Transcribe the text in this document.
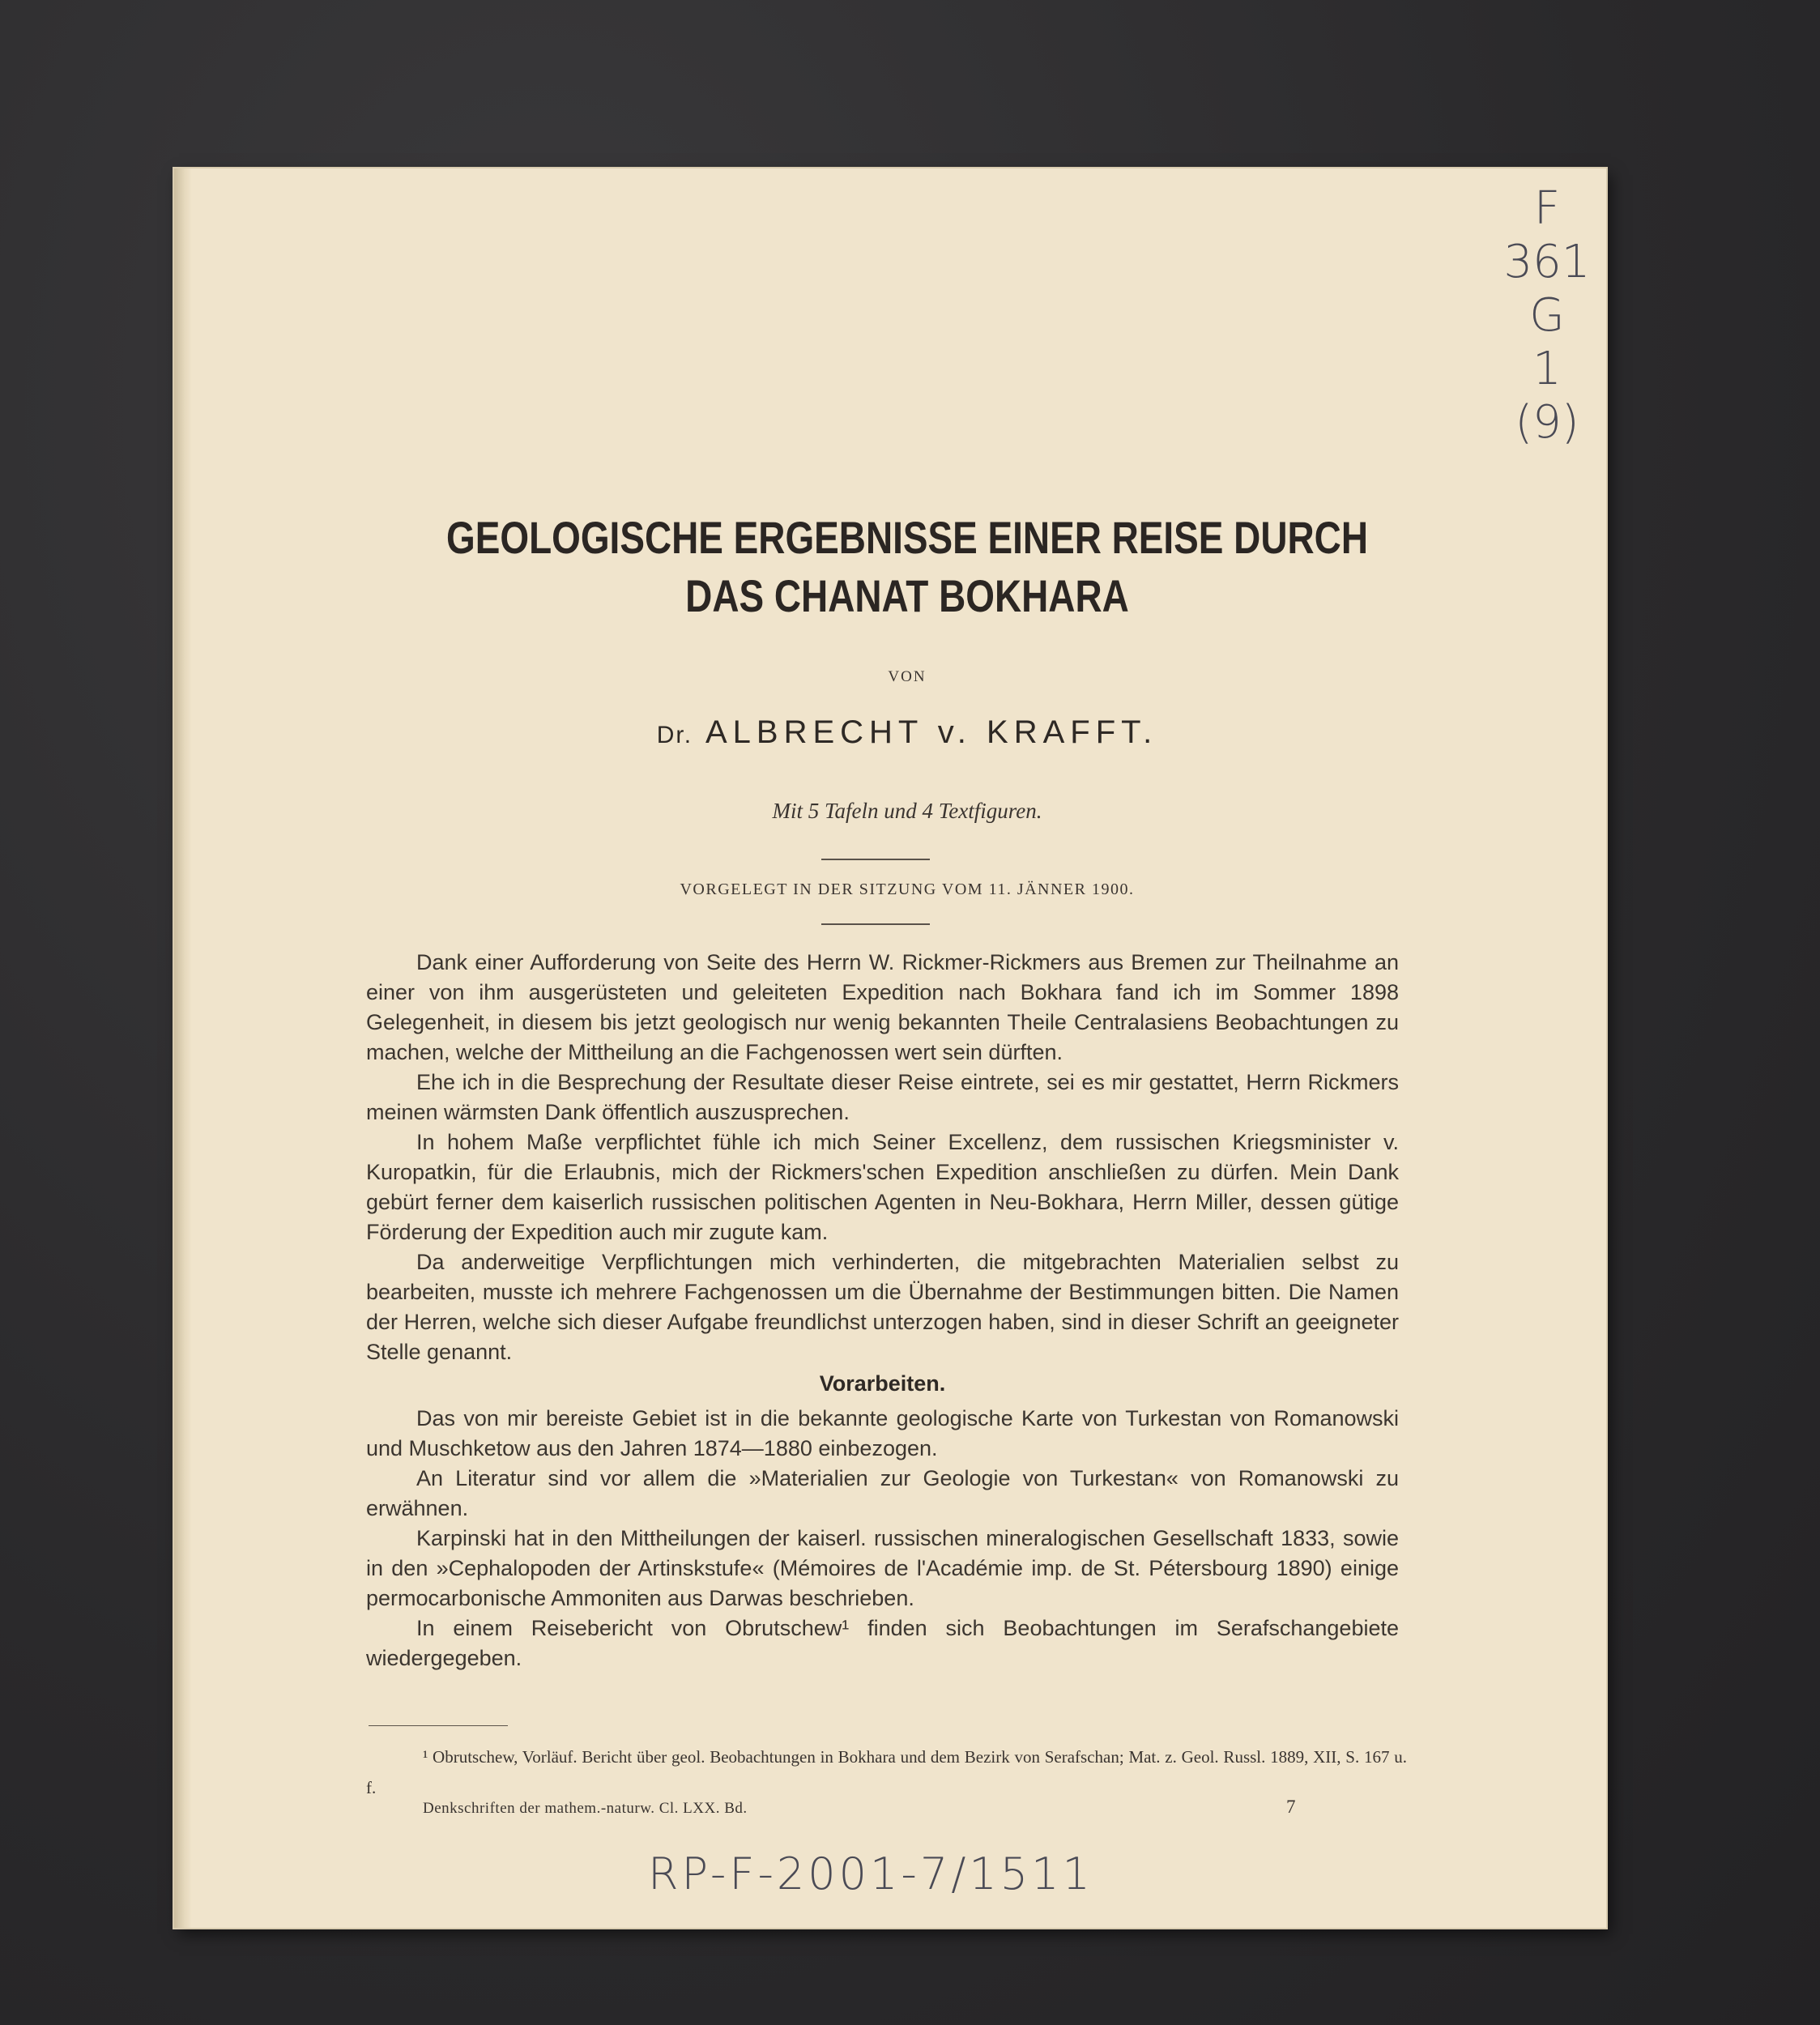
F
361
G
1
(9)
GEOLOGISCHE ERGEBNISSE EINER REISE DURCH DAS CHANAT BOKHARA
VON
Dr. ALBRECHT v. KRAFFT.
Mit 5 Tafeln und 4 Textfiguren.
VORGELEGT IN DER SITZUNG VOM 11. JÄNNER 1900.

Dank einer Aufforderung von Seite des Herrn W. Rickmer-Rickmers aus Bremen zur Theilnahme an einer von ihm ausgerüsteten und geleiteten Expedition nach Bokhara fand ich im Sommer 1898 Gelegenheit, in diesem bis jetzt geologisch nur wenig bekannten Theile Centralasiens Beobachtungen zu machen, welche der Mittheilung an die Fachgenossen wert sein dürften.

Ehe ich in die Besprechung der Resultate dieser Reise eintrete, sei es mir gestattet, Herrn Rickmers meinen wärmsten Dank öffentlich auszusprechen.

In hohem Maße verpflichtet fühle ich mich Seiner Excellenz, dem russischen Kriegsminister v. Kuropatkin, für die Erlaubnis, mich der Rickmers'schen Expedition anschließen zu dürfen. Mein Dank gebürt ferner dem kaiserlich russischen politischen Agenten in Neu-Bokhara, Herrn Miller, dessen gütige Förderung der Expedition auch mir zugute kam.

Da anderweitige Verpflichtungen mich verhinderten, die mitgebrachten Materialien selbst zu bearbeiten, musste ich mehrere Fachgenossen um die Übernahme der Bestimmungen bitten. Die Namen der Herren, welche sich dieser Aufgabe freundlichst unterzogen haben, sind in dieser Schrift an geeigneter Stelle genannt.

Vorarbeiten.

Das von mir bereiste Gebiet ist in die bekannte geologische Karte von Turkestan von Romanowski und Muschketow aus den Jahren 1874—1880 einbezogen.

An Literatur sind vor allem die »Materialien zur Geologie von Turkestan« von Romanowski zu erwähnen.

Karpinski hat in den Mittheilungen der kaiserl. russischen mineralogischen Gesellschaft 1833, sowie in den »Cephalopoden der Artinskstufe« (Mémoires de l'Académie imp. de St. Pétersbourg 1890) einige permocarbonische Ammoniten aus Darwas beschrieben.

In einem Reisebericht von Obrutschew¹ finden sich Beobachtungen im Serafschangebiete wiedergegeben.

¹ Obrutschew, Vorläuf. Bericht über geol. Beobachtungen in Bokhara und dem Bezirk von Serafschan; Mat. z. Geol. Russl. 1889, XII, S. 167 u. f.
Denkschriften der mathem.-naturw. Cl. LXX. Bd.	7
RP-F-2001-7/1511
